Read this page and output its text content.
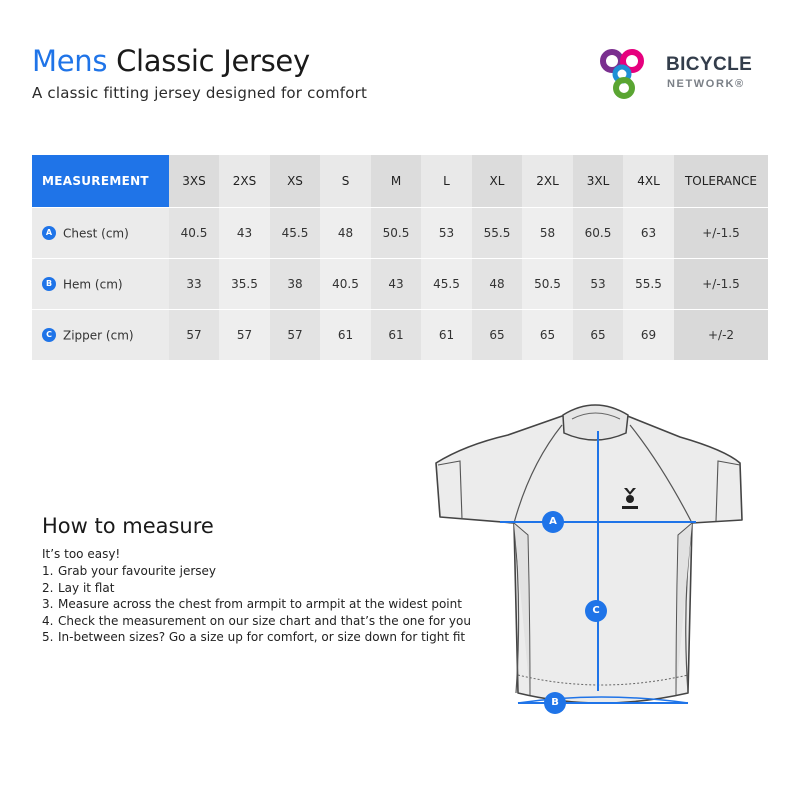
Mens Classic Jersey

A classic fitting jersey designed for comfort

BICYCLE
NETWORK®
MEASUREMENT	3XS	2XS	XS	S	M	L	XL	2XL	3XL	4XL	TOLERANCE
A Chest (cm)	40.5	43	45.5	48	50.5	53	55.5	58	60.5	63	+/-1.5
B Hem (cm)	33	35.5	38	40.5	43	45.5	48	50.5	53	55.5	+/-1.5
C Zipper (cm)	57	57	57	61	61	61	65	65	65	69	+/-2
How to measure

It’s too easy!

1. Grab your favourite jersey
2. Lay it flat
3. Measure across the chest from armpit to armpit at the widest point
4. Check the measurement on our size chart and that’s the one for you
5. In-between sizes? Go a size up for comfort, or size down for tight fit
A
C
B
